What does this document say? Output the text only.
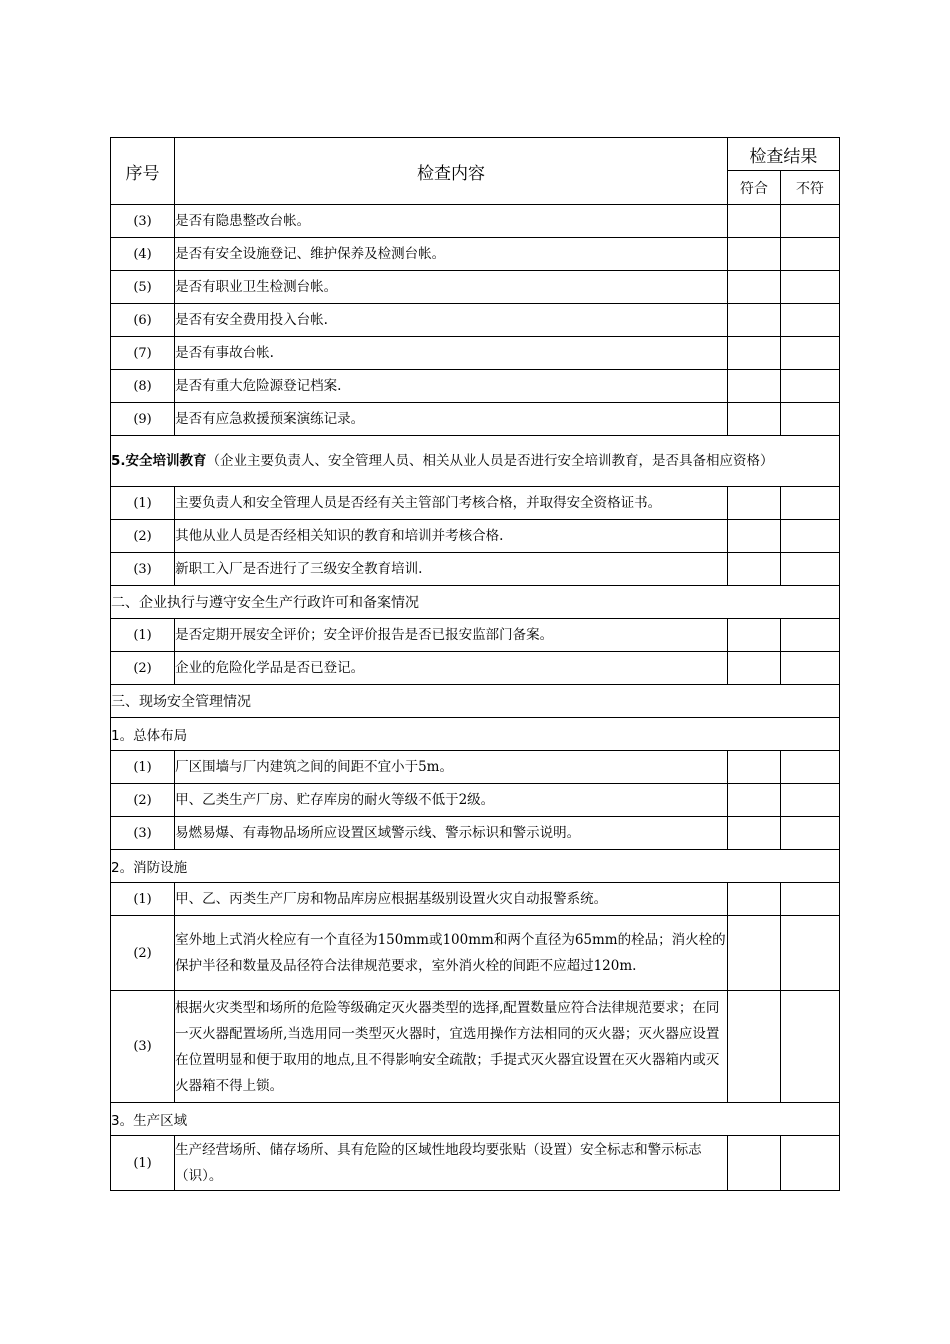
序号	检查内容	检查结果	
		符合	不符
(3)	是否有隐患整改台帐。		
(4)	是否有安全设施登记、维护保养及检测台帐。		
(5)	是否有职业卫生检测台帐。		
(6)	是否有安全费用投入台帐.		
(7)	是否有事故台帐.		
(8)	是否有重大危险源登记档案.		
(9)	是否有应急救援预案演练记录。		
5.安全培训教育（企业主要负责人、安全管理人员、相关从业人员是否进行安全培训教育，是否具备相应资格）			
(1)	主要负责人和安全管理人员是否经有关主管部门考核合格，并取得安全资格证书。		

(2)	其他从业人员是否经相关知识的教育和培训并考核合格.		
(3)	新职工入厂是否进行了三级安全教育培训.		
二、企业执行与遵守安全生产行政许可和备案情况			
(1)	是否定期开展安全评价；安全评价报告是否已报安监部门备案。		
(2)	企业的危险化学品是否已登记。		
三、现场安全管理情况			
1。总体布局			
(1)	厂区围墙与厂内建筑之间的间距不宜小于5m。		
(2)	甲、乙类生产厂房、贮存库房的耐火等级不低于2级。		
(3)	易燃易爆、有毒物品场所应设置区域警示线、警示标识和警示说明。		
2。消防设施			
(1)	甲、乙、丙类生产厂房和物品库房应根据基级别设置火灾自动报警系统。		
(2)	室外地上式消火栓应有一个直径为150mm或100mm和两个直径为65mm的栓品；消火栓的保护半径和数量及品径符合法律规范要求，室外消火栓的间距不应超过120m.		
(3)	根据火灾类型和场所的危险等级确定灭火器类型的选择,配置数量应符合法律规范要求；在同一灭火器配置场所,当选用同一类型灭火器时，宜选用操作方法相同的灭火器；灭火器应设置在位置明显和便于取用的地点,且不得影响安全疏散；手提式灭火器宜设置在灭火器箱内或灭火器箱不得上锁。		
3。生产区域			
(1)	生产经营场所、储存场所、具有危险的区域性地段均要张贴（设置）安全标志和警示标志（识）。		
